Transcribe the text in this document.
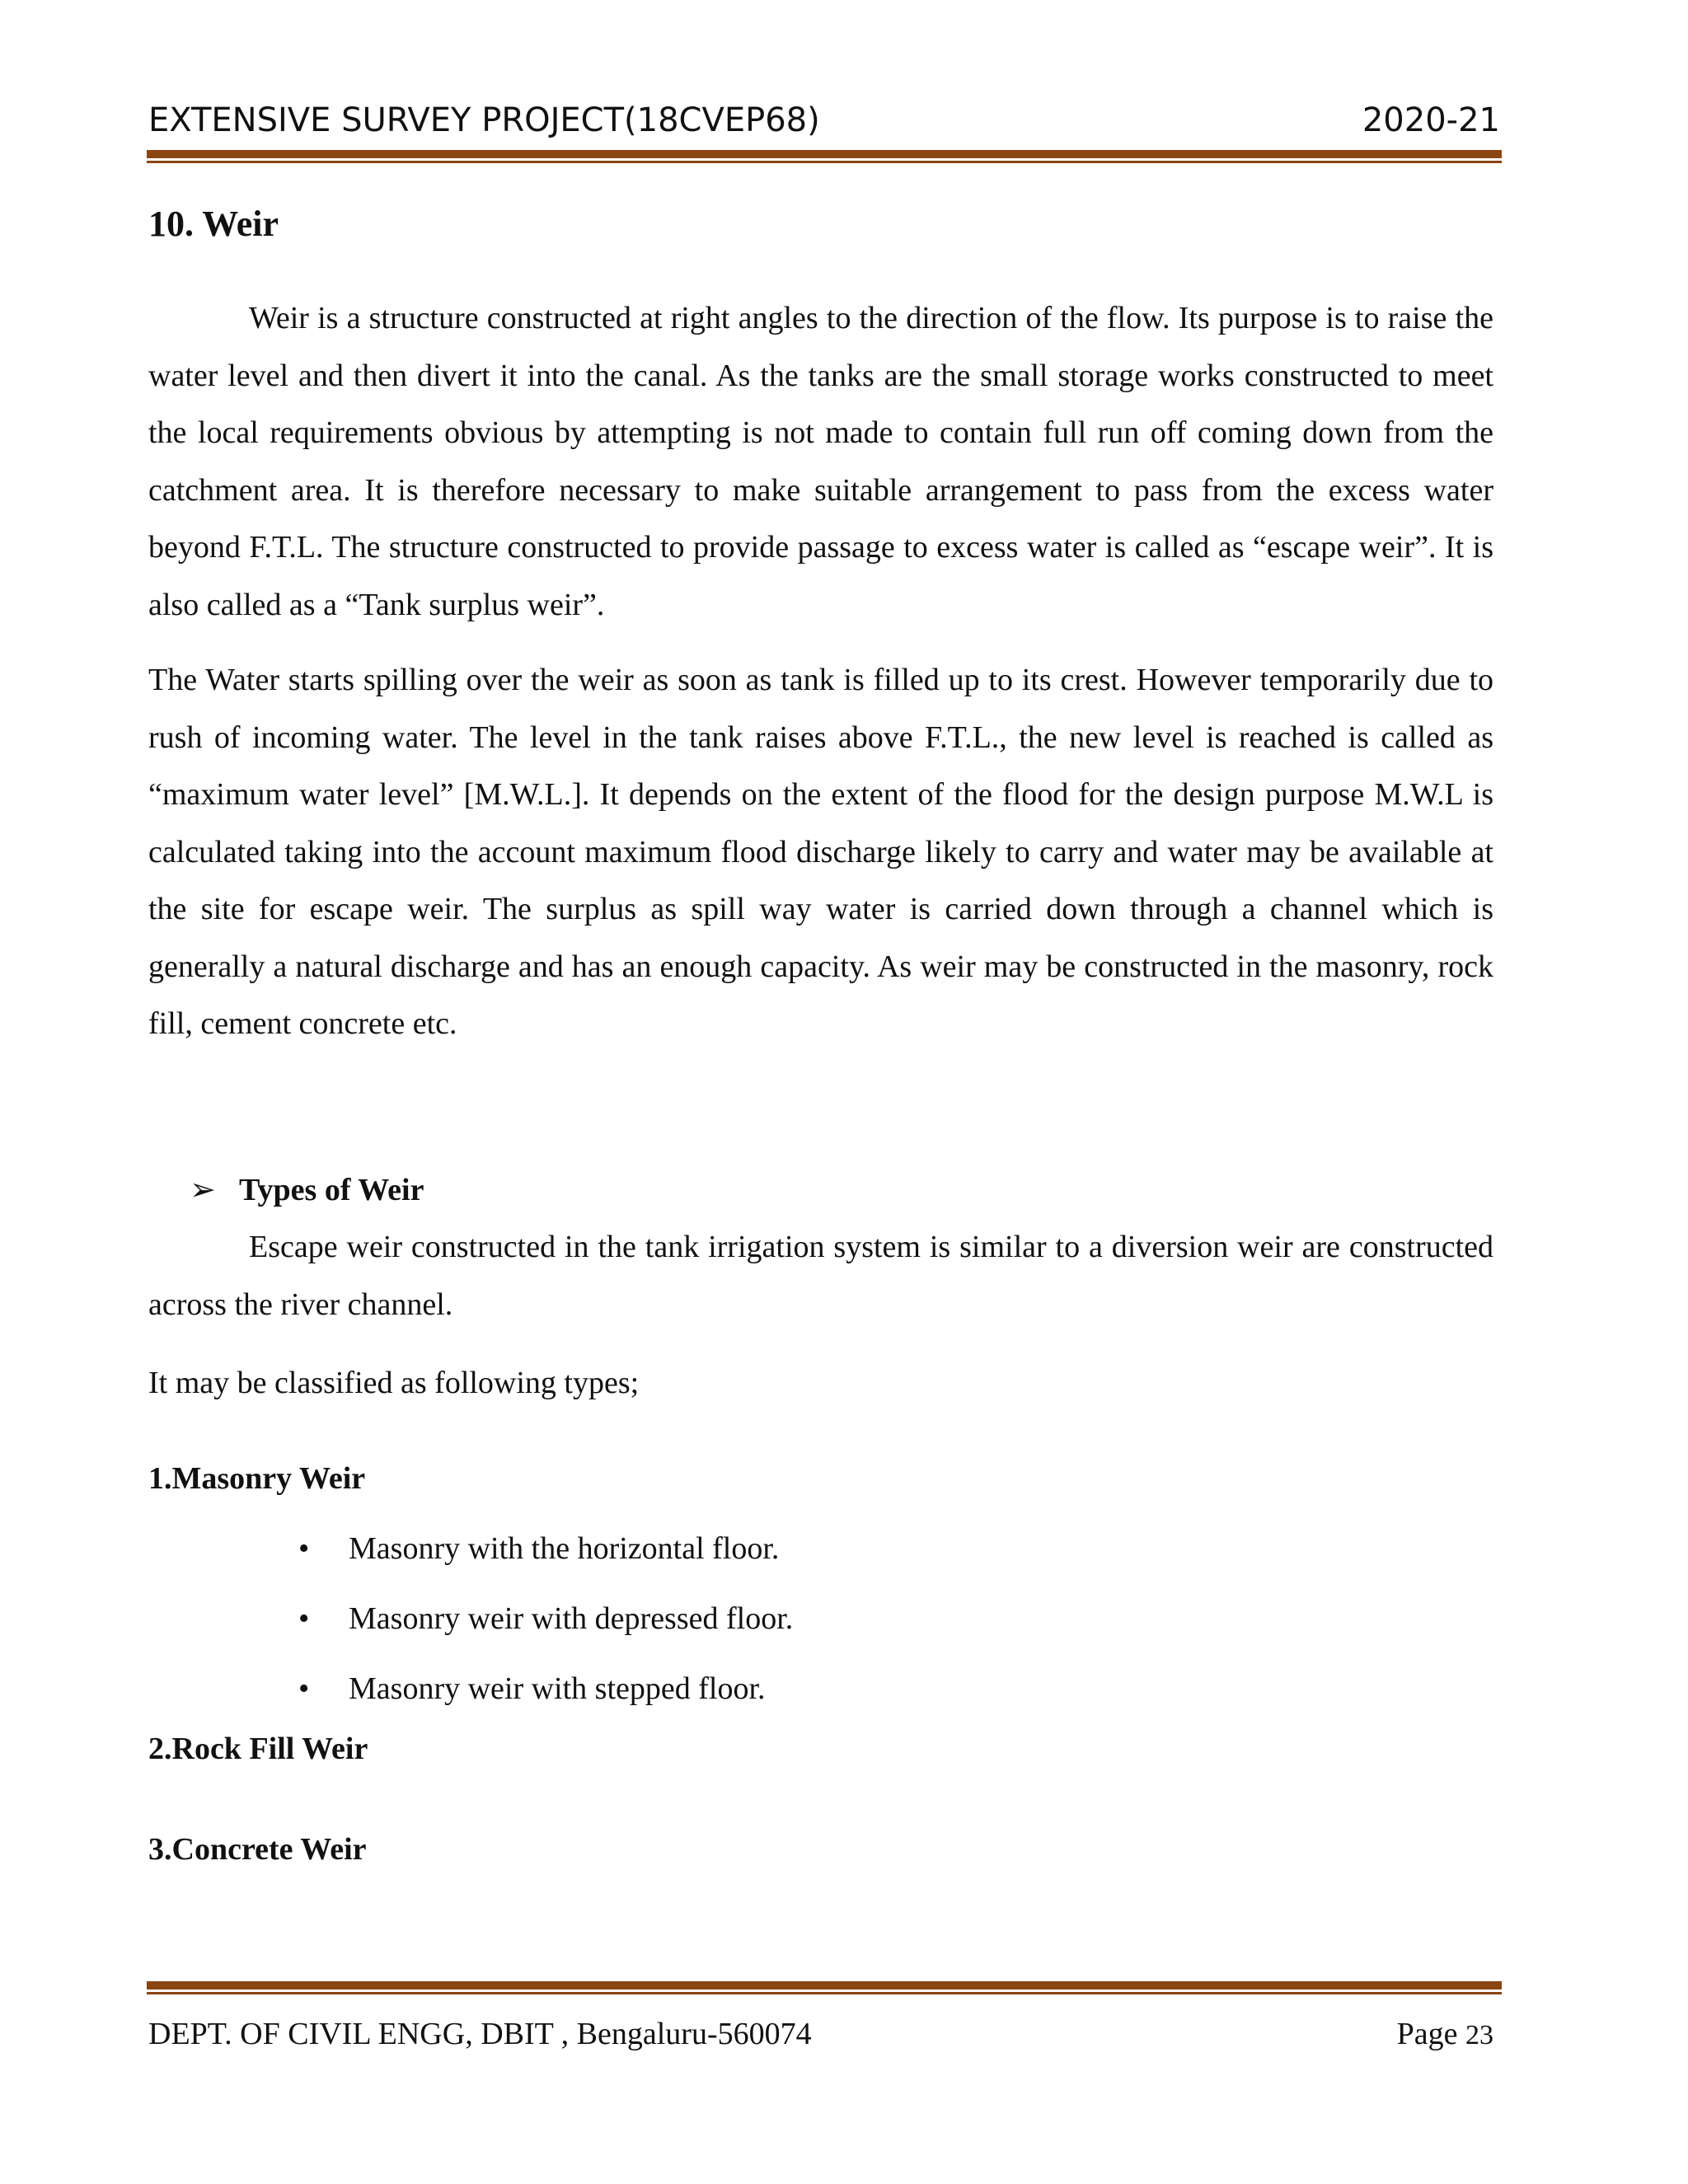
EXTENSIVE SURVEY PROJECT(18CVEP68)	2020-21
10. Weir

Weir is a structure constructed at right angles to the direction of the flow. Its purpose is to raise the water level and then divert it into the canal. As the tanks are the small storage works constructed to meet the local requirements obvious by attempting is not made to contain full run off coming down from the catchment area. It is therefore necessary to make suitable arrangement to pass from the excess water beyond F.T.L. The structure constructed to provide passage to excess water is called as “escape weir”. It is also called as a “Tank surplus weir”.

The Water starts spilling over the weir as soon as tank is filled up to its crest. However temporarily due to rush of incoming water. The level in the tank raises above F.T.L., the new level is reached is called as “maximum water level” [M.W.L.]. It depends on the extent of the flood for the design purpose M.W.L is calculated taking into the account maximum flood discharge likely to carry and water may be available at the site for escape weir. The surplus as spill way water is carried down through a channel which is generally a natural discharge and has an enough capacity. As weir may be constructed in the masonry, rock fill, cement concrete etc.

➢ Types of Weir

Escape weir constructed in the tank irrigation system is similar to a diversion weir are constructed across the river channel.

It may be classified as following types;

1.Masonry Weir
• Masonry with the horizontal floor.
• Masonry weir with depressed floor.
• Masonry weir with stepped floor.
2.Rock Fill Weir
3.Concrete Weir
DEPT. OF CIVIL ENGG, DBIT , Bengaluru-560074	Page 23
